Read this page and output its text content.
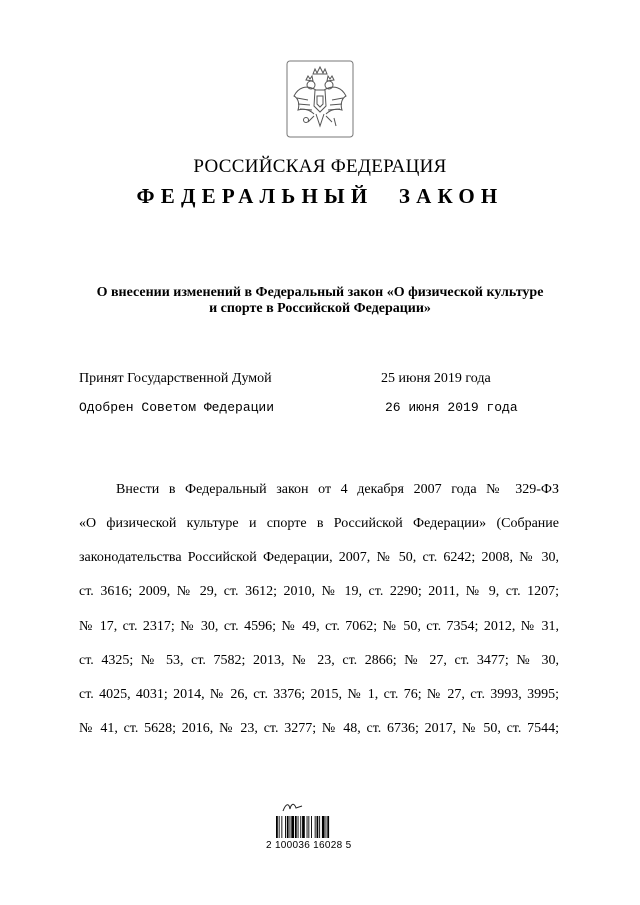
РОССИЙСКАЯ ФЕДЕРАЦИЯ
ФЕДЕРАЛЬНЫЙ ЗАКОН
О внесении изменений в Федеральный закон «О физической культуре
и спорте в Российской Федерации»
Принят Государственной Думой	25 июня 2019 года
Одобрен Советом Федерации	26 июня 2019 года
Внести в Федеральный закон от 4 декабря 2007 года № 329-ФЗ
«О физической культуре и спорте в Российской Федерации» (Собрание
законодательства Российской Федерации, 2007, № 50, ст. 6242; 2008, № 30,
ст. 3616; 2009, № 29, ст. 3612; 2010, № 19, ст. 2290; 2011, № 9, ст. 1207;
№ 17, ст. 2317; № 30, ст. 4596; № 49, ст. 7062; № 50, ст. 7354; 2012, № 31,
ст. 4325; № 53, ст. 7582; 2013, № 23, ст. 2866; № 27, ст. 3477; № 30,
ст. 4025, 4031; 2014, № 26, ст. 3376; 2015, № 1, ст. 76; № 27, ст. 3993, 3995;
№ 41, ст. 5628; 2016, № 23, ст. 3277; № 48, ст. 6736; 2017, № 50, ст. 7544;
2 100036 16028 5
